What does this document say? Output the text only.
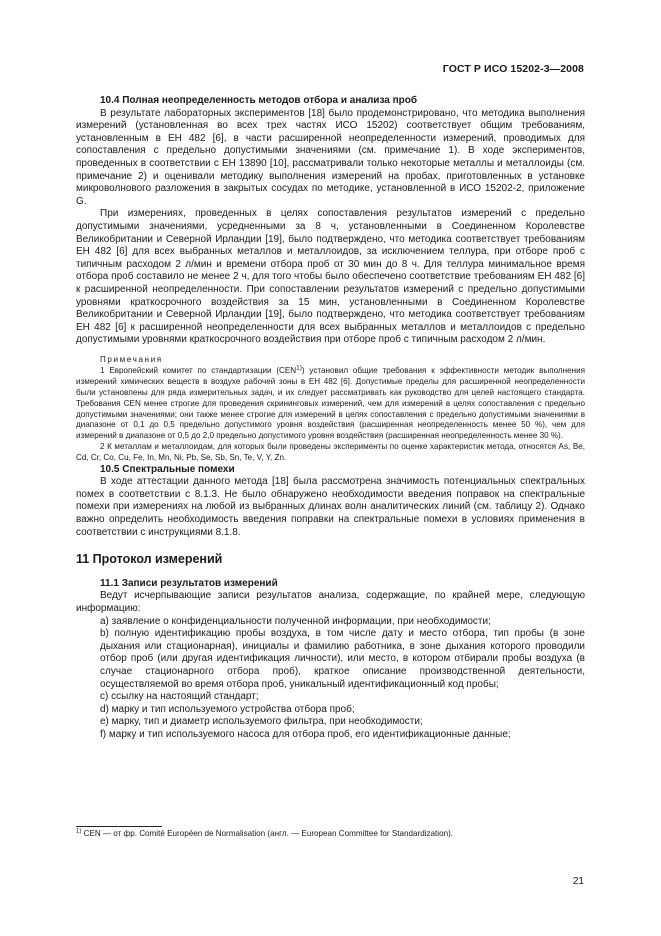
ГОСТ Р ИСО 15202-3—2008

10.4 Полная неопределенность методов отбора и анализа проб

В результате лабораторных экспериментов [18] было продемонстрировано, что методика выполнения измерений (установленная во всех трех частях ИСО 15202) соответствует общим требованиям, установленным в ЕН 482 [6], в части расширенной неопределенности измерений, проводимых для сопоставления с предельно допустимыми значениями (см. примечание 1). В ходе экспериментов, проведенных в соответствии с ЕН 13890 [10], рассматривали только некоторые металлы и металлоиды (см. примечание 2) и оценивали методику выполнения измерений на пробах, приготовленных в установке микроволнового разложения в закрытых сосудах по методике, установленной в ИСО 15202-2, приложение G.

При измерениях, проведенных в целях сопоставления результатов измерений с предельно допустимыми значениями, усредненными за 8 ч, установленными в Соединенном Королевстве Великобритании и Северной Ирландии [19], было подтверждено, что методика соответствует требованиям ЕН 482 [6] для всех выбранных металлов и металлоидов, за исключением теллура, при отборе проб с типичным расходом 2 л/мин и времени отбора проб от 30 мин до 8 ч. Для теллура минимальное время отбора проб составило не менее 2 ч, для того чтобы было обеспечено соответствие требованиям ЕН 482 [6] к расширенной неопределенности. При сопоставлении результатов измерений с предельно допустимыми уровнями краткосрочного воздействия за 15 мин, установленными в Соединенном Королевстве Великобритании и Северной Ирландии [19], было подтверждено, что методика соответствует требованиям ЕН 482 [6] к расширенной неопределенности для всех выбранных металлов и металлоидов с предельно допустимыми уровнями краткосрочного воздействия при отборе проб с типичным расходом 2 л/мин.

Примечания

1 Европейский комитет по стандартизации (CEN$^{1)}$) установил общие требования к эффективности методик выполнения измерений химических веществ в воздухе рабочей зоны в ЕН 482 [6]. Допустимые пределы для расширенной неопределенности были установлены для ряда измерительных задач, и их следует рассматривать как руководство для целей настоящего стандарта. Требования CEN менее строгие для проведения скрининговых измерений, чем для измерений в целях сопоставления с предельно допустимыми значениями; они также менее строгие для измерений в целях сопоставления с предельно допустимыми значениями в диапазоне от 0,1 до 0,5 предельно допустимого уровня воздействия (расширенная неопределенность менее 50 %), чем для измерений в диапазоне от 0,5 до 2,0 предельно допустимого уровня воздействия (расширенная неопределенность менее 30 %).

2 К металлам и металлоидам, для которых были проведены эксперименты по оценке характеристик метода, относятся As, Be, Cd, Cr, Co, Cu, Fe, In, Mn, Ni, Pb, Se, Sb, Sn, Te, V, Y, Zn.

10.5 Спектральные помехи

В ходе аттестации данного метода [18] была рассмотрена значимость потенциальных спектральных помех в соответствии с 8.1.3. Не было обнаружено необходимости введения поправок на спектральные помехи при измерениях на любой из выбранных длинах волн аналитических линий (см. таблицу 2). Однако важно определить необходимость введения поправки на спектральные помехи в условиях применения в соответствии с инструкциями 8.1.8.

11 Протокол измерений

11.1 Записи результатов измерений

Ведут исчерпывающие записи результатов анализа, содержащие, по крайней мере, следующую информацию:

a) заявление о конфиденциальности полученной информации, при необходимости;

b) полную идентификацию пробы воздуха, в том числе дату и место отбора, тип пробы (в зоне дыхания или стационарная), инициалы и фамилию работника, в зоне дыхания которого проводили отбор проб (или другая идентификация личности), или место, в котором отбирали пробы воздуха (в случае стационарного отбора проб), краткое описание производственной деятельности, осуществляемой во время отбора проб, уникальный идентификационный код пробы;

c) ссылку на настоящий стандарт;

d) марку и тип используемого устройства отбора проб;

e) марку, тип и диаметр используемого фильтра, при необходимости;

f) марку и тип используемого насоса для отбора проб, его идентификационные данные;

$^{1)}$ CEN — от фр. Comité Européen de Normalisation (англ. — European Committee for Standardization).
21
